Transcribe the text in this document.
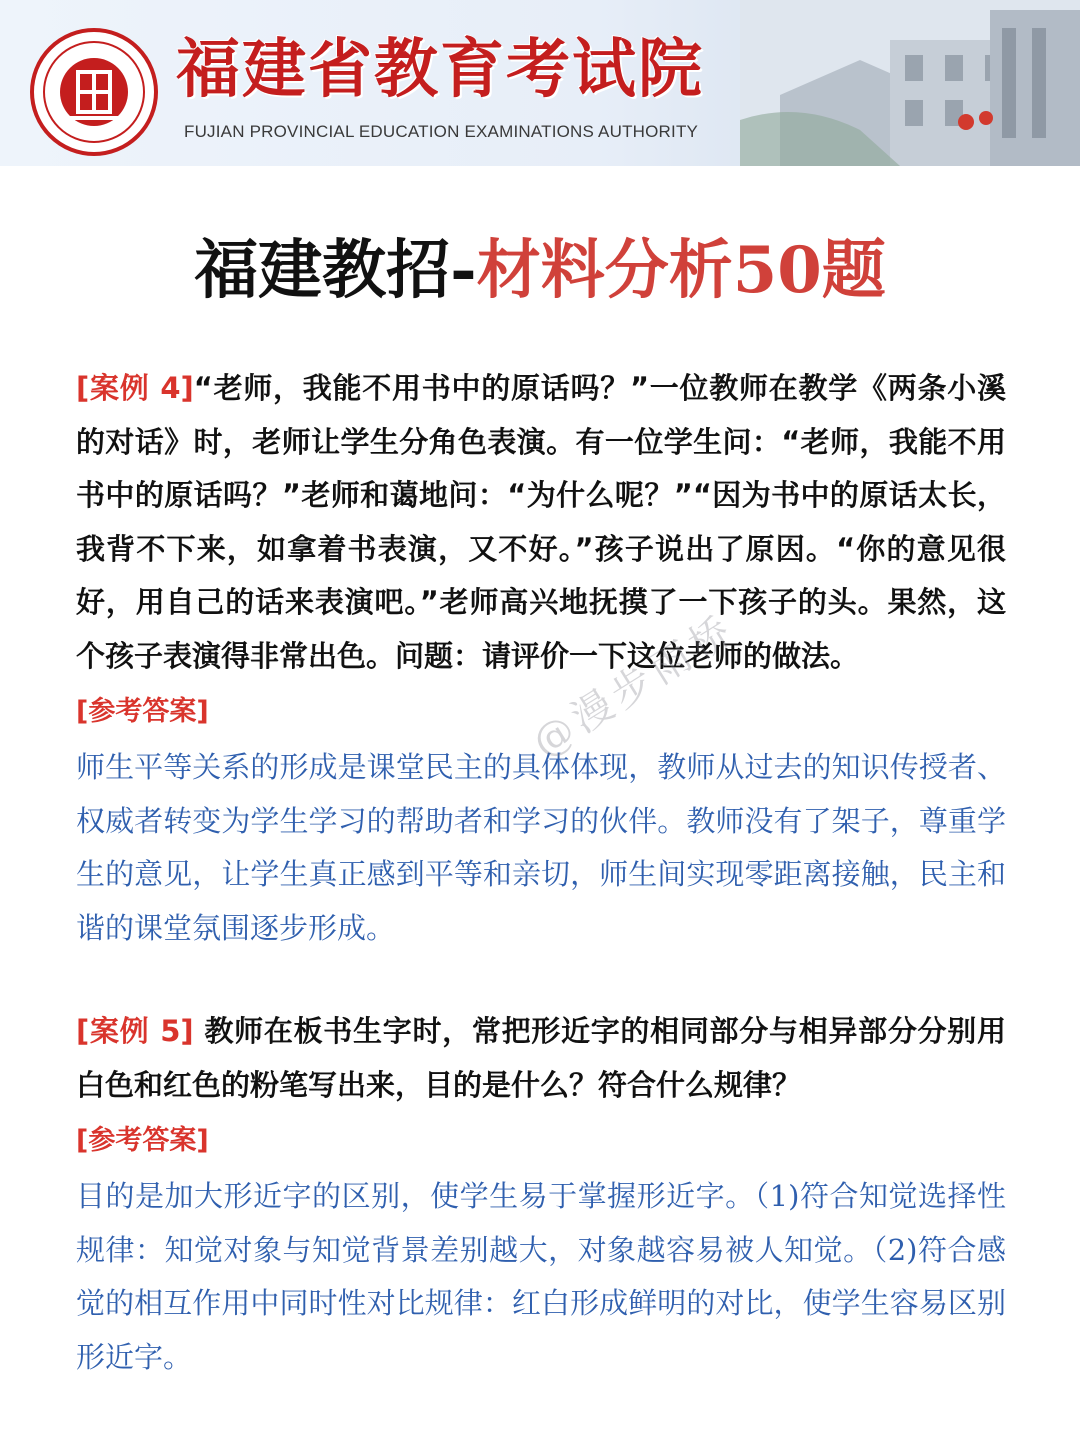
福建省教育考试院

FUJIAN PROVINCIAL EDUCATION EXAMINATIONS AUTHORITY

福建教招-材料分析50题

[案例 4]“老师，我能不用书中的原话吗？”一位教师在教学《两条小溪的对话》时，老师让学生分角色表演。有一位学生问：“老师，我能不用书中的原话吗？”老师和蔼地问：“为什么呢？”“因为书中的原话太长，我背不下来，如拿着书表演，又不好。”孩子说出了原因。“你的意见很好，用自己的话来表演吧。”老师高兴地抚摸了一下孩子的头。果然，这个孩子表演得非常出色。问题：请评价一下这位老师的做法。

[参考答案]

师生平等关系的形成是课堂民主的具体体现，教师从过去的知识传授者、权威者转变为学生学习的帮助者和学习的伙伴。教师没有了架子，尊重学生的意见，让学生真正感到平等和亲切，师生间实现零距离接触，民主和谐的课堂氛围逐步形成。

[案例 5] 教师在板书生字时，常把形近字的相同部分与相异部分分别用白色和红色的粉笔写出来，目的是什么？符合什么规律？

[参考答案]

目的是加大形近字的区别，使学生易于掌握形近字。（1)符合知觉选择性规律：知觉对象与知觉背景差别越大，对象越容易被人知觉。（2)符合感觉的相互作用中同时性对比规律：红白形成鲜明的对比，使学生容易区别形近字。

@漫步雨桥
